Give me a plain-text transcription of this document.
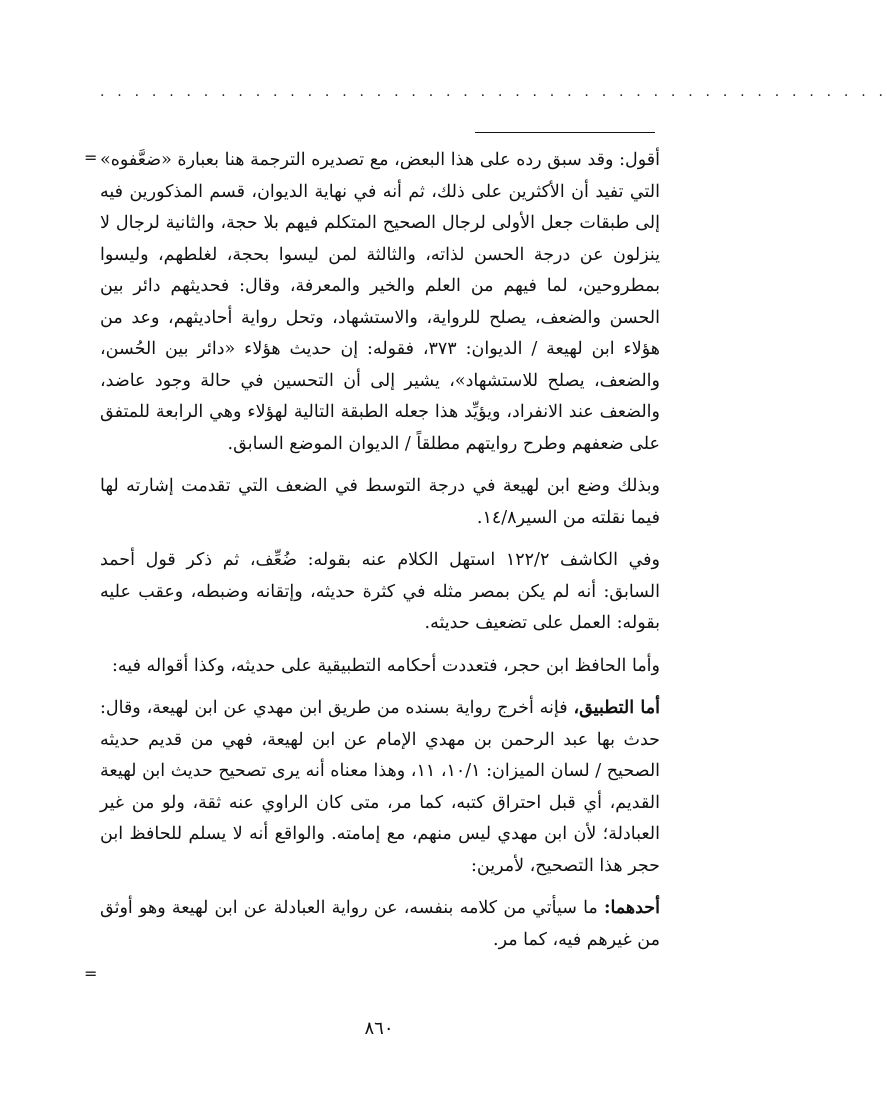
. . . . . . . . . . . . . . . . . . . . . . . . . . . . . . . . . . . . . . . . . . . . . .
=
=

أقول: وقد سبق رده على هذا البعض، مع تصديره الترجمة هنا بعبارة «ضعَّفوه» التي تفيد أن الأكثرين على ذلك، ثم أنه في نهاية الديوان، قسم المذكورين فيه إلى طبقات جعل الأولى لرجال الصحيح المتكلم فيهم بلا حجة، والثانية لرجال لا ينزلون عن درجة الحسن لذاته، والثالثة لمن ليسوا بحجة، لغلطهم، وليسوا بمطروحين، لما فيهم من العلم والخير والمعرفة، وقال: فحديثهم دائر بين الحسن والضعف، يصلح للرواية، والاستشهاد، وتحل رواية أحاديثهم، وعد من هؤلاء ابن لهيعة / الديوان: ٣٧٣، فقوله: إن حديث هؤلاء «دائر بين الحُسن، والضعف، يصلح للاستشهاد»، يشير إلى أن التحسين في حالة وجود عاضد، والضعف عند الانفراد، ويؤيِّد هذا جعله الطبقة التالية لهؤلاء وهي الرابعة للمتفق على ضعفهم وطرح روايتهم مطلقاً / الديوان الموضع السابق.

وبذلك وضع ابن لهيعة في درجة التوسط في الضعف التي تقدمت إشارته لها فيما نقلته من السير١٤/٨.

وفي الكاشف ١٢٢/٢ استهل الكلام عنه بقوله: ضُعِّف، ثم ذكر قول أحمد السابق: أنه لم يكن بمصر مثله في كثرة حديثه، وإتقانه وضبطه، وعقب عليه بقوله: العمل على تضعيف حديثه.

وأما الحافظ ابن حجر، فتعددت أحكامه التطبيقية على حديثه، وكذا أقواله فيه:

أما التطبيق، فإنه أخرج رواية بسنده من طريق ابن مهدي عن ابن لهيعة، وقال: حدث بها عبد الرحمن بن مهدي الإمام عن ابن لهيعة، فهي من قديم حديثه الصحيح / لسان الميزان: ١٠/١، ١١، وهذا معناه أنه يرى تصحيح حديث ابن لهيعة القديم، أي قبل احتراق كتبه، كما مر، متى كان الراوي عنه ثقة، ولو من غير العبادلة؛ لأن ابن مهدي ليس منهم، مع إمامته. والواقع أنه لا يسلم للحافظ ابن حجر هذا التصحيح، لأمرين:

أحدهما: ما سيأتي من كلامه بنفسه، عن رواية العبادلة عن ابن لهيعة وهو أوثق من غيرهم فيه، كما مر.

٨٦٠
